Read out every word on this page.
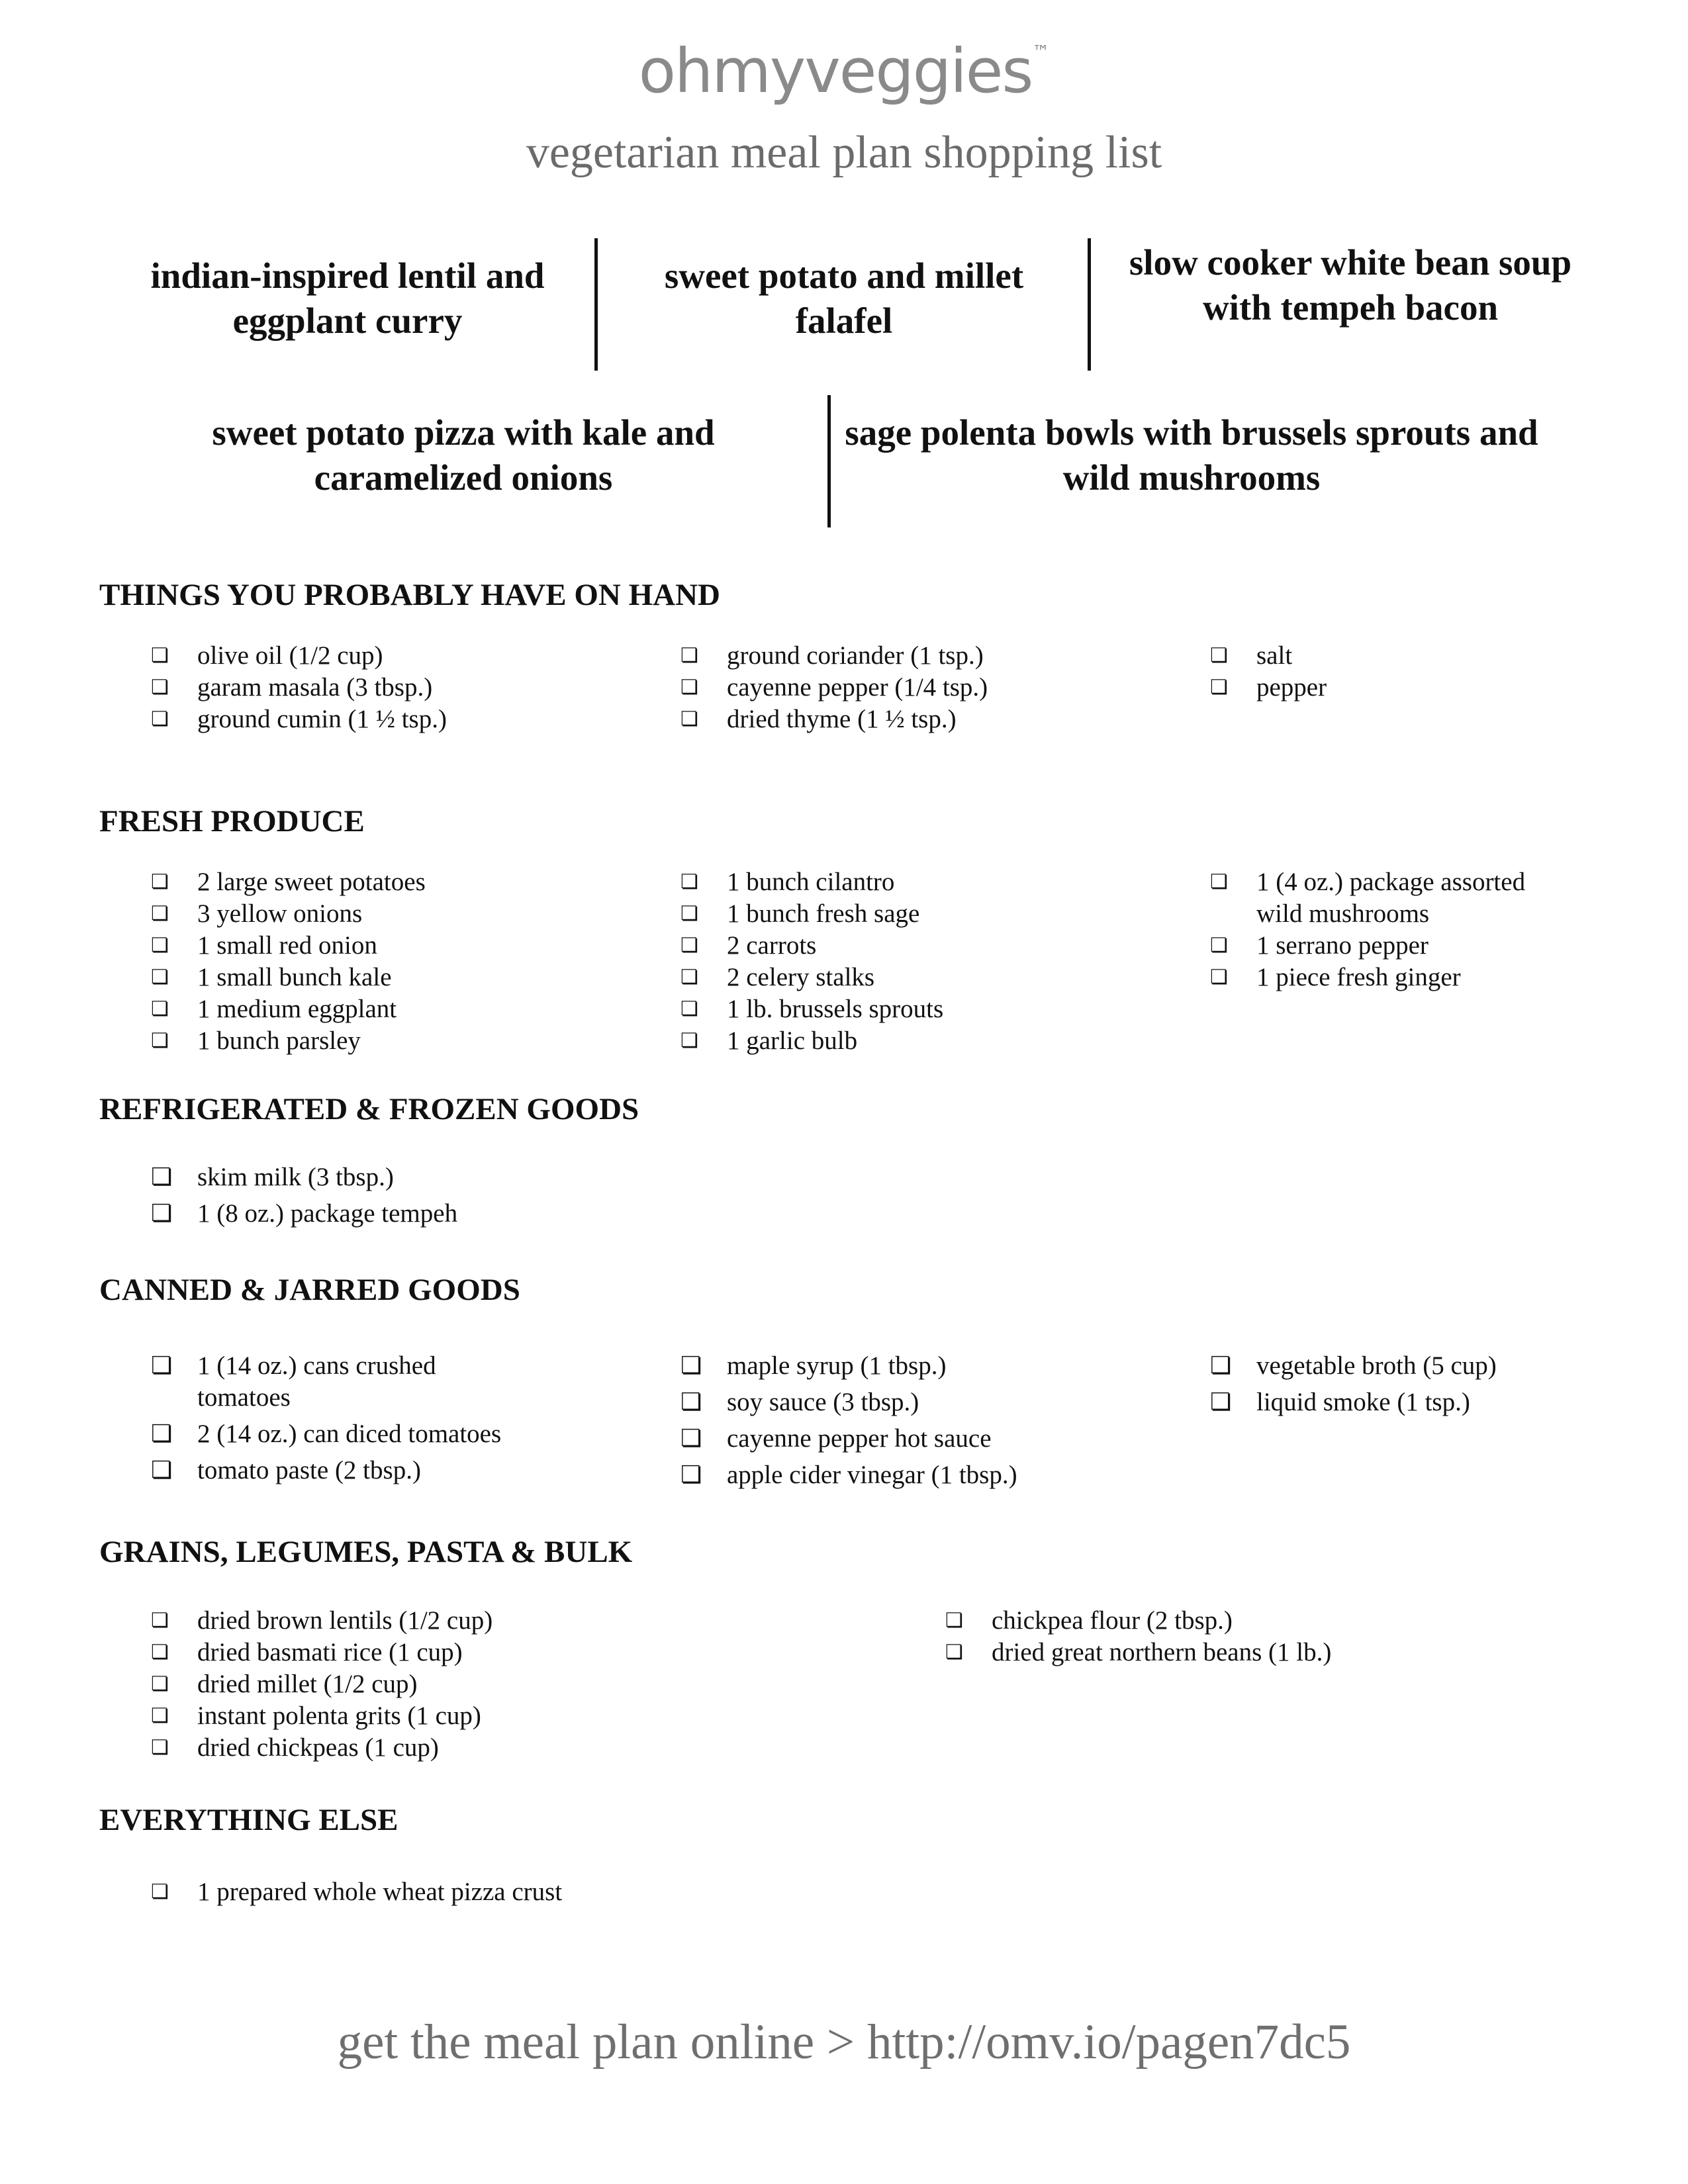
ohmyveggies™
vegetarian meal plan shopping list
indian-inspired lentil and eggplant curry
sweet potato and millet falafel
slow cooker white bean soup with tempeh bacon
sweet potato pizza with kale and caramelized onions
sage polenta bowls with brussels sprouts and wild mushrooms
THINGS YOU PROBABLY HAVE ON HAND
❏ olive oil (1/2 cup)
❏ garam masala (3 tbsp.)
❏ ground cumin (1 ½ tsp.)
❏ ground coriander (1 tsp.)
❏ cayenne pepper (1/4 tsp.)
❏ dried thyme (1 ½ tsp.)
❏ salt
❏ pepper
FRESH PRODUCE
❏ 2 large sweet potatoes
❏ 3 yellow onions
❏ 1 small red onion
❏ 1 small bunch kale
❏ 1 medium eggplant
❏ 1 bunch parsley
❏ 1 bunch cilantro
❏ 1 bunch fresh sage
❏ 2 carrots
❏ 2 celery stalks
❏ 1 lb. brussels sprouts
❏ 1 garlic bulb
❏ 1 (4 oz.) package assorted
wild mushrooms
❏ 1 serrano pepper
❏ 1 piece fresh ginger
REFRIGERATED & FROZEN GOODS
❏ skim milk (3 tbsp.)
❏ 1 (8 oz.) package tempeh
CANNED & JARRED GOODS
❏ 1 (14 oz.) cans crushed
tomatoes
❏ 2 (14 oz.) can diced tomatoes
❏ tomato paste (2 tbsp.)
❏ maple syrup (1 tbsp.)
❏ soy sauce (3 tbsp.)
❏ cayenne pepper hot sauce
❏ apple cider vinegar (1 tbsp.)
❏ vegetable broth (5 cup)
❏ liquid smoke (1 tsp.)
GRAINS, LEGUMES, PASTA & BULK
❏ dried brown lentils (1/2 cup)
❏ dried basmati rice (1 cup)
❏ dried millet (1/2 cup)
❏ instant polenta grits (1 cup)
❏ dried chickpeas (1 cup)
❏ chickpea flour (2 tbsp.)
❏ dried great northern beans (1 lb.)
EVERYTHING ELSE
❏ 1 prepared whole wheat pizza crust
get the meal plan online > http://omv.io/pagen7dc5
